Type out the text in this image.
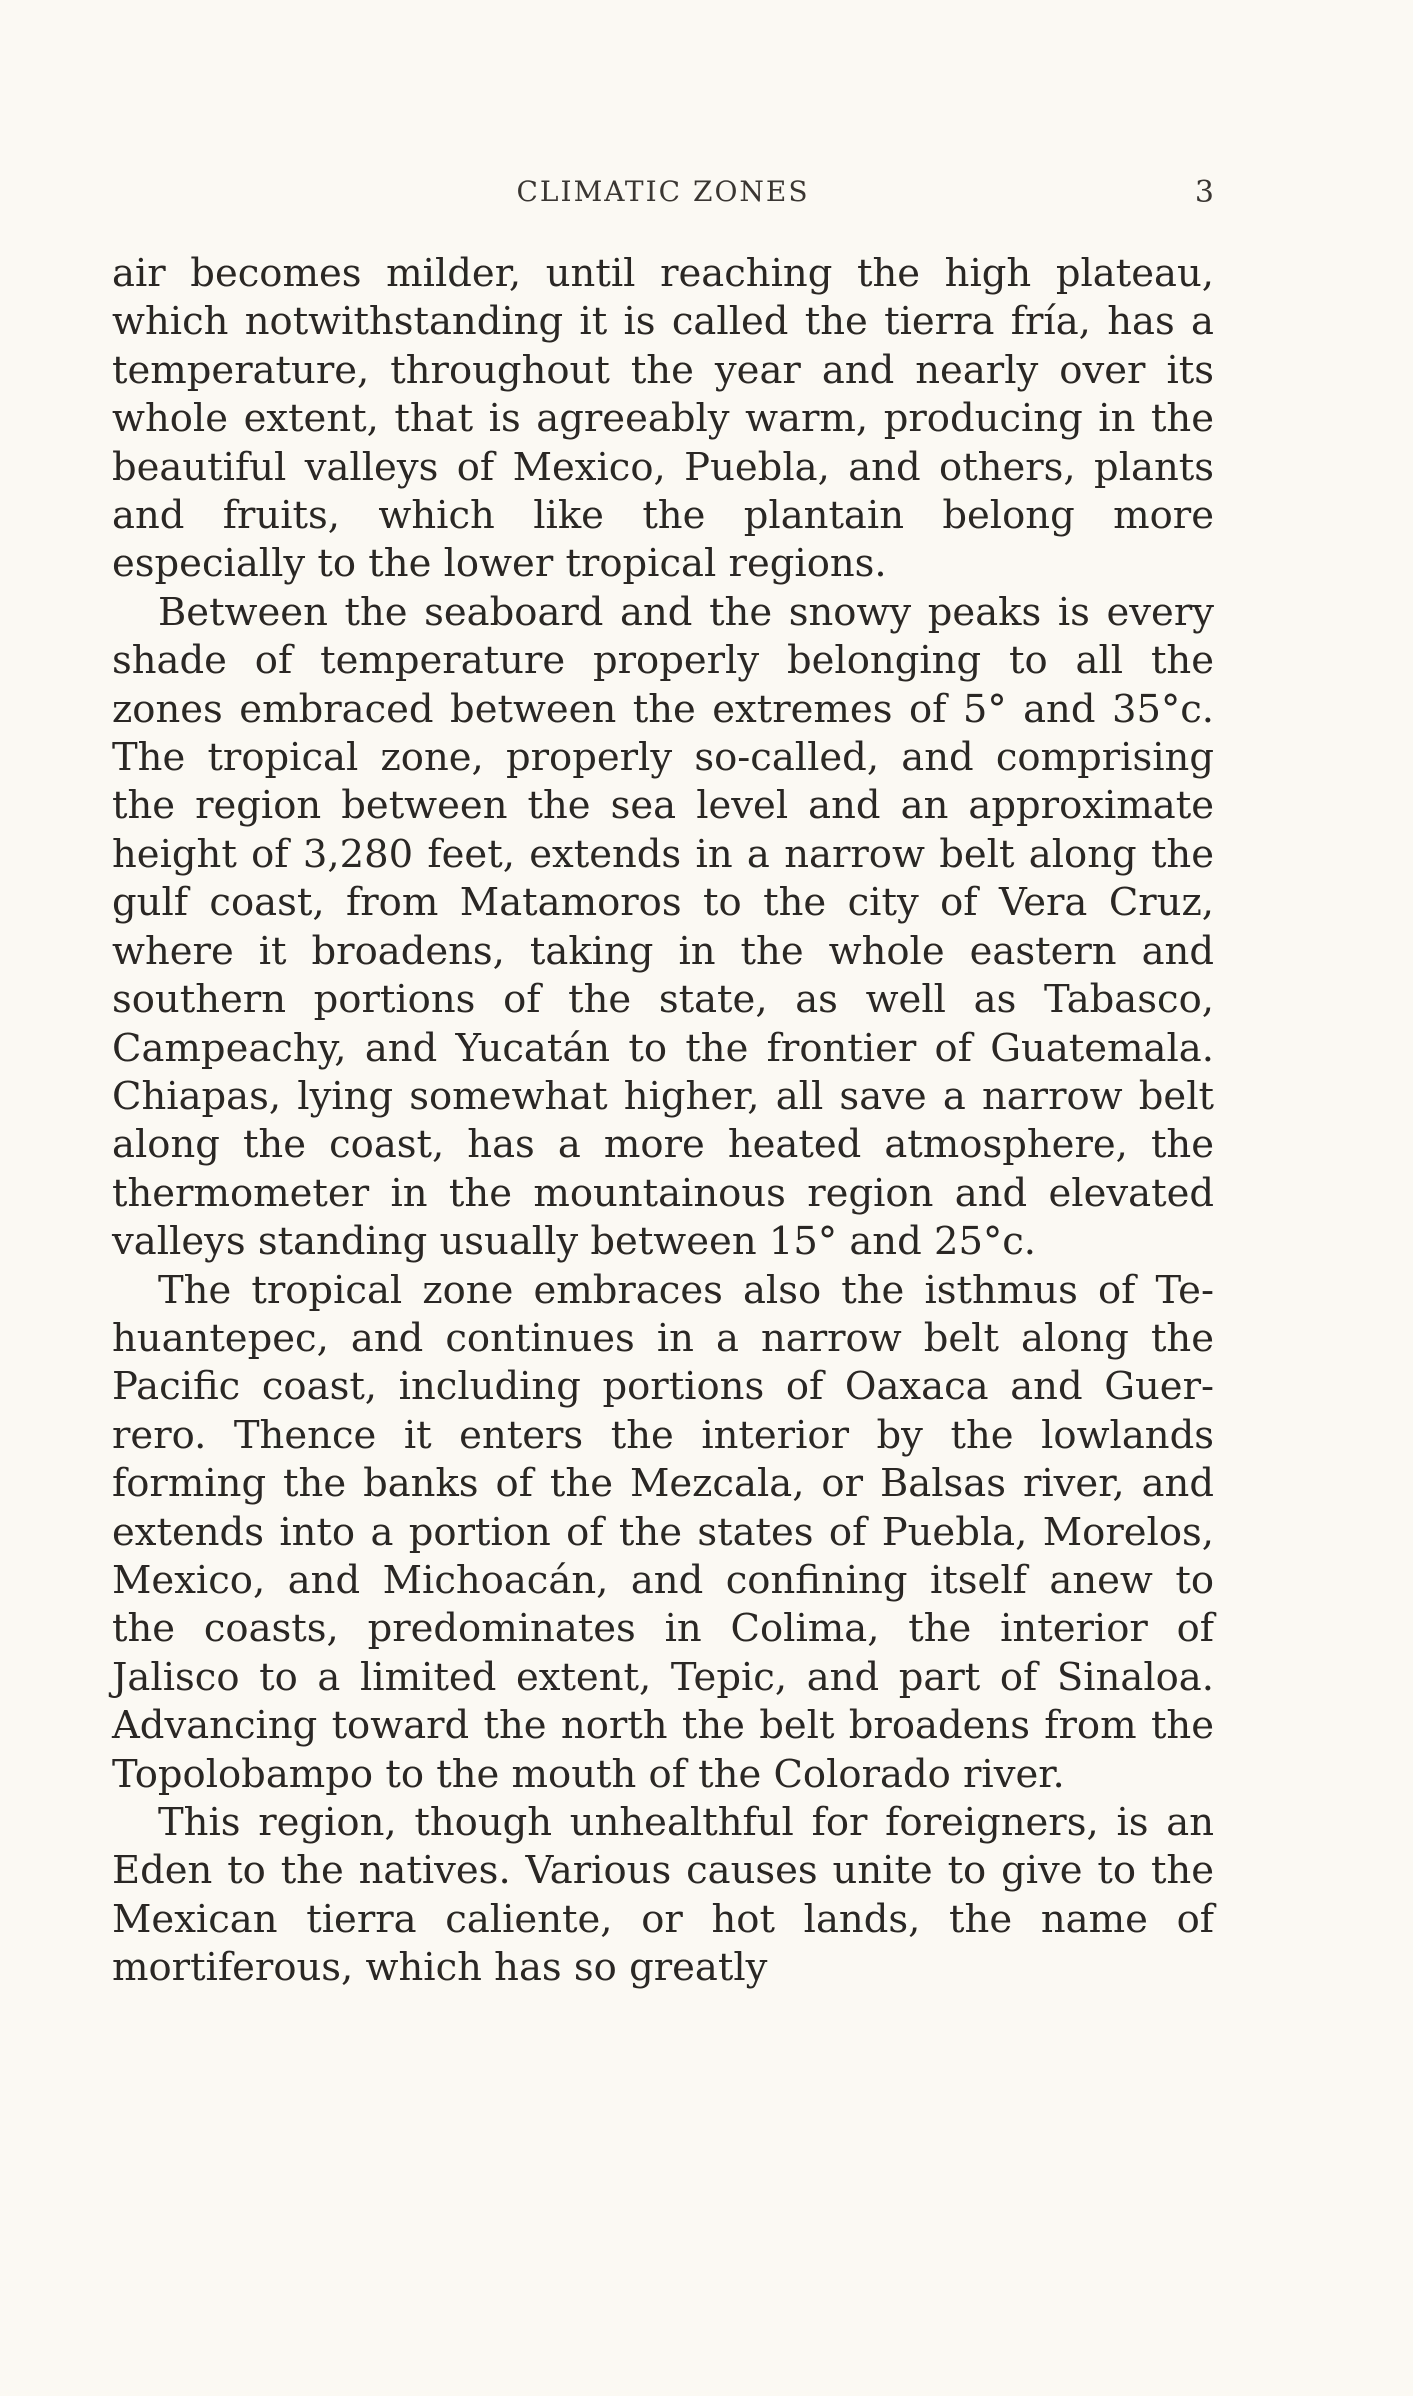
CLIMATIC ZONES	3

air becomes milder, until reaching the high plateau, which notwithstanding it is called the tierra fría, has a temperature, throughout the year and nearly over its whole extent, that is agreeably warm, producing in the beautiful valleys of Mexico, Puebla, and others, plants and fruits, which like the plantain belong more especially to the lower tropical regions.

Between the seaboard and the snowy peaks is every shade of temperature properly belonging to all the zones embraced between the extremes of 5° and 35°c. The tropical zone, properly so-called, and comprising the region between the sea level and an approximate height of 3,280 feet, extends in a narrow belt along the gulf coast, from Matamoros to the city of Vera Cruz, where it broadens, taking in the whole eastern and southern portions of the state, as well as Tabasco, Campeachy, and Yucatán to the frontier of Guatemala. Chiapas, lying somewhat higher, all save a narrow belt along the coast, has a more heated atmosphere, the thermometer in the mountainous region and elevated valleys standing usually between 15° and 25°c.

The tropical zone embraces also the isthmus of Tehuantepec, and continues in a narrow belt along the Pacific coast, including portions of Oaxaca and Guerrero. Thence it enters the interior by the lowlands forming the banks of the Mezcala, or Balsas river, and extends into a portion of the states of Puebla, Morelos, Mexico, and Michoacán, and confining itself anew to the coasts, predominates in Colima, the interior of Jalisco to a limited extent, Tepic, and part of Sinaloa. Advancing toward the north the belt broadens from the Topolobampo to the mouth of the Colorado river.

This region, though unhealthful for foreigners, is an Eden to the natives. Various causes unite to give to the Mexican tierra caliente, or hot lands, the name of mortiferous, which has so greatly
